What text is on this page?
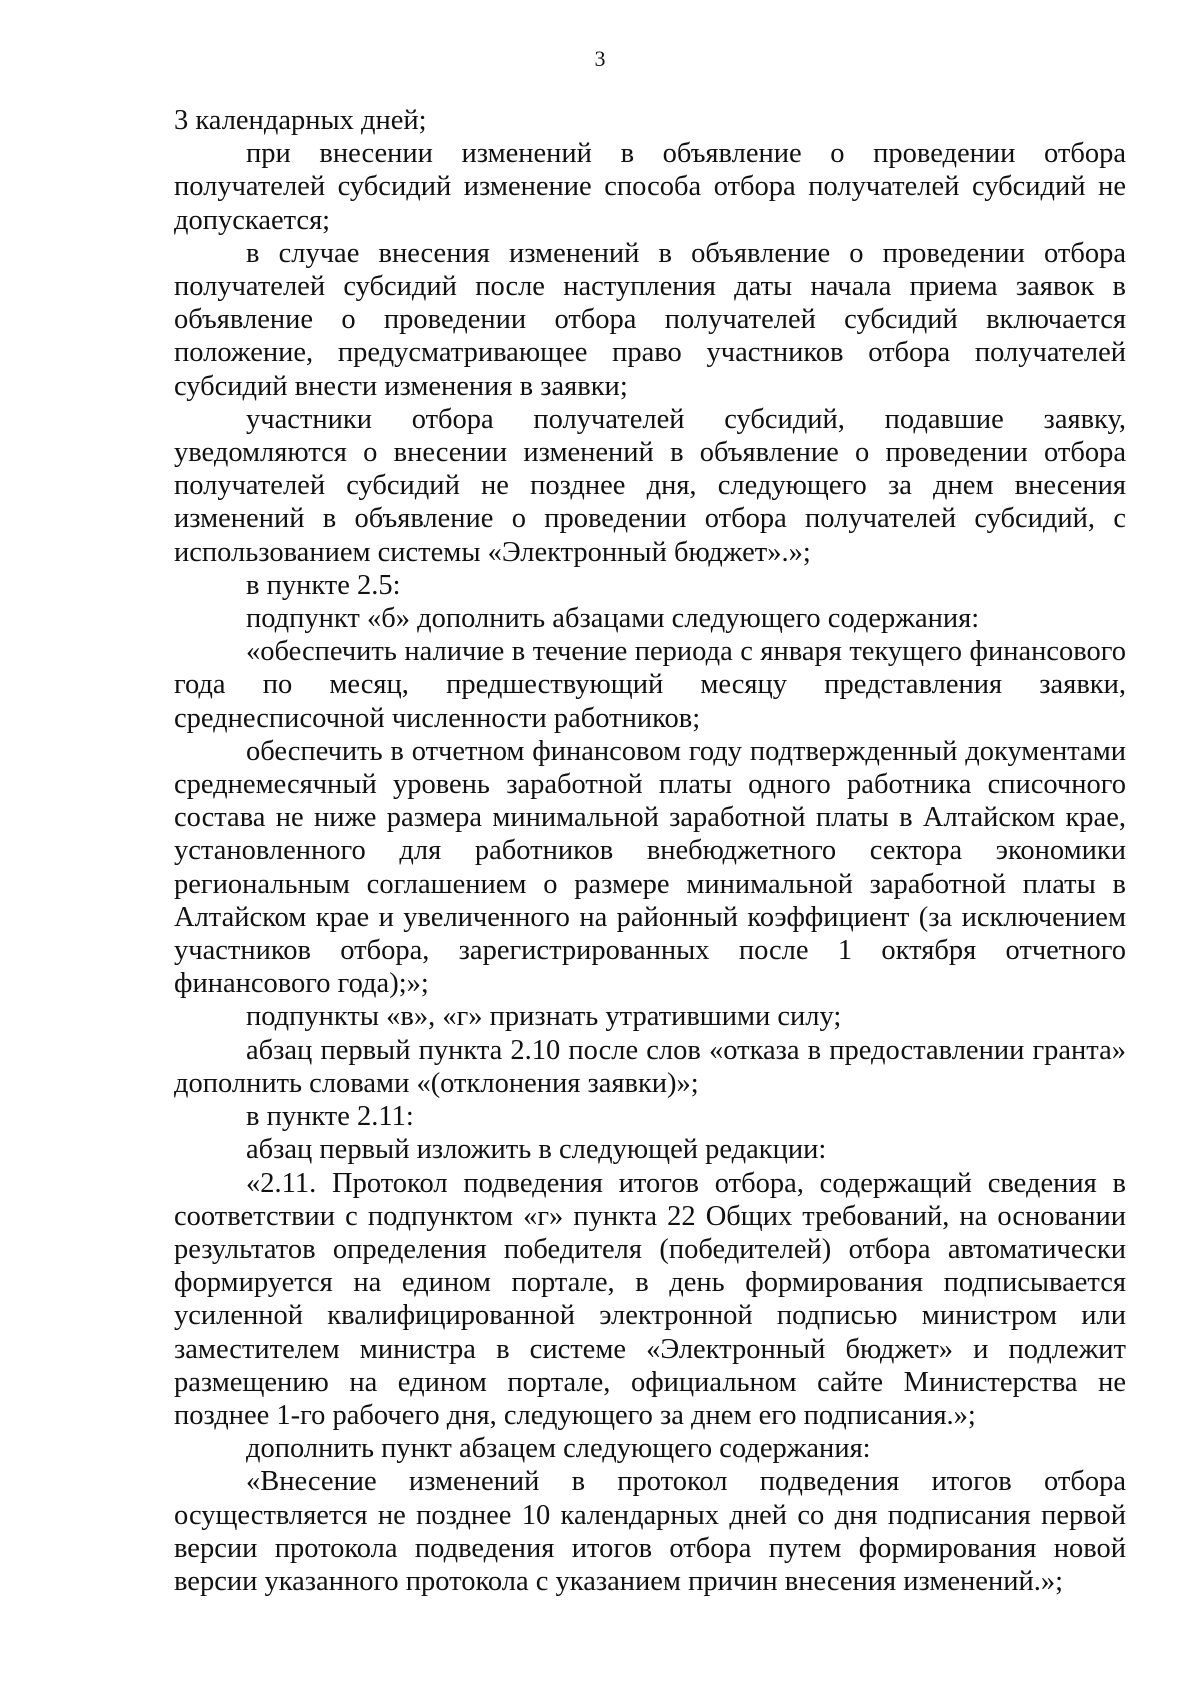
3

3 календарных дней;

при внесении изменений в объявление о проведении отбора получателей субсидий изменение способа отбора получателей субсидий не допускается;

в случае внесения изменений в объявление о проведении отбора получателей субсидий после наступления даты начала приема заявок в объявление о проведении отбора получателей субсидий включается положение, предусматривающее право участников отбора получателей субсидий внести изменения в заявки;

участники отбора получателей субсидий, подавшие заявку, уведомляются о внесении изменений в объявление о проведении отбора получателей субсидий не позднее дня, следующего за днем внесения изменений в объявление о проведении отбора получателей субсидий, с использованием системы «Электронный бюджет».»;

в пункте 2.5:

подпункт «б» дополнить абзацами следующего содержания:

«обеспечить наличие в течение периода с января текущего финансового года по месяц, предшествующий месяцу представления заявки, среднесписочной численности работников;

обеспечить в отчетном финансовом году подтвержденный документами среднемесячный уровень заработной платы одного работника списочного состава не ниже размера минимальной заработной платы в Алтайском крае, установленного для работников внебюджетного сектора экономики региональным соглашением о размере минимальной заработной платы в Алтайском крае и увеличенного на районный коэффициент (за исключением участников отбора, зарегистрированных после 1 октября отчетного финансового года);»;

подпункты «в», «г» признать утратившими силу;

абзац первый пункта 2.10 после слов «отказа в предоставлении гранта» дополнить словами «(отклонения заявки)»;

в пункте 2.11:

абзац первый изложить в следующей редакции:

«2.11. Протокол подведения итогов отбора, содержащий сведения в соответствии с подпунктом «г» пункта 22 Общих требований, на основании результатов определения победителя (победителей) отбора автоматически формируется на едином портале, в день формирования подписывается усиленной квалифицированной электронной подписью министром или заместителем министра в системе «Электронный бюджет» и подлежит размещению на едином портале, официальном сайте Министерства не позднее 1-го рабочего дня, следующего за днем его подписания.»;

дополнить пункт абзацем следующего содержания:

«Внесение изменений в протокол подведения итогов отбора осуществляется не позднее 10 календарных дней со дня подписания первой версии протокола подведения итогов отбора путем формирования новой версии указанного протокола с указанием причин внесения изменений.»;
